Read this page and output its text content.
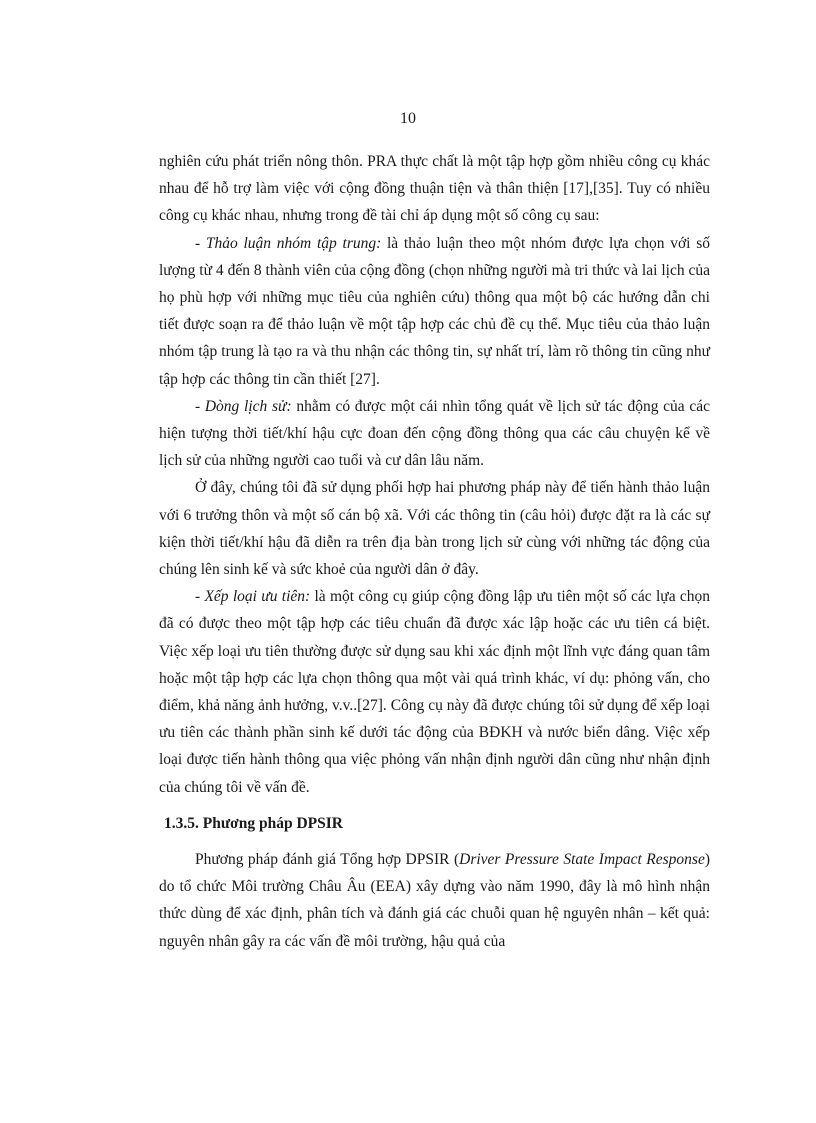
10

nghiên cứu phát triển nông thôn. PRA thực chất là một tập hợp gồm nhiều công cụ khác nhau để hỗ trợ làm việc với cộng đồng thuận tiện và thân thiện [17],[35]. Tuy có nhiều công cụ khác nhau, nhưng trong đề tài chỉ áp dụng một số công cụ sau:

- Thảo luận nhóm tập trung: là thảo luận theo một nhóm được lựa chọn với số lượng từ 4 đến 8 thành viên của cộng đồng (chọn những người mà tri thức và lai lịch của họ phù hợp với những mục tiêu của nghiên cứu) thông qua một bộ các hướng dẫn chi tiết được soạn ra để thảo luận về một tập hợp các chủ đề cụ thể. Mục tiêu của thảo luận nhóm tập trung là tạo ra và thu nhận các thông tin, sự nhất trí, làm rõ thông tin cũng như tập hợp các thông tin cần thiết [27].

- Dòng lịch sử: nhằm có được một cái nhìn tổng quát về lịch sử tác động của các hiện tượng thời tiết/khí hậu cực đoan đến cộng đồng thông qua các câu chuyện kể về lịch sử của những người cao tuổi và cư dân lâu năm.

Ở đây, chúng tôi đã sử dụng phối hợp hai phương pháp này để tiến hành thảo luận với 6 trưởng thôn và một số cán bộ xã. Với các thông tin (câu hỏi) được đặt ra là các sự kiện thời tiết/khí hậu đã diễn ra trên địa bàn trong lịch sử cùng với những tác động của chúng lên sinh kế và sức khoẻ của người dân ở đây.

- Xếp loại ưu tiên: là một công cụ giúp cộng đồng lập ưu tiên một số các lựa chọn đã có được theo một tập hợp các tiêu chuẩn đã được xác lập hoặc các ưu tiên cá biệt. Việc xếp loại ưu tiên thường được sử dụng sau khi xác định một lĩnh vực đáng quan tâm hoặc một tập hợp các lựa chọn thông qua một vài quá trình khác, ví dụ: phỏng vấn, cho điểm, khả năng ảnh hưởng, v.v..[27]. Công cụ này đã được chúng tôi sử dụng để xếp loại ưu tiên các thành phần sinh kế dưới tác động của BĐKH và nước biển dâng. Việc xếp loại được tiến hành thông qua việc phỏng vấn nhận định người dân cũng như nhận định của chúng tôi về vấn đề.

1.3.5. Phương pháp DPSIR

Phương pháp đánh giá Tổng hợp DPSIR (Driver Pressure State Impact Response) do tổ chức Môi trường Châu Âu (EEA) xây dựng vào năm 1990, đây là mô hình nhận thức dùng để xác định, phân tích và đánh giá các chuỗi quan hệ nguyên nhân – kết quả: nguyên nhân gây ra các vấn đề môi trường, hậu quả của
